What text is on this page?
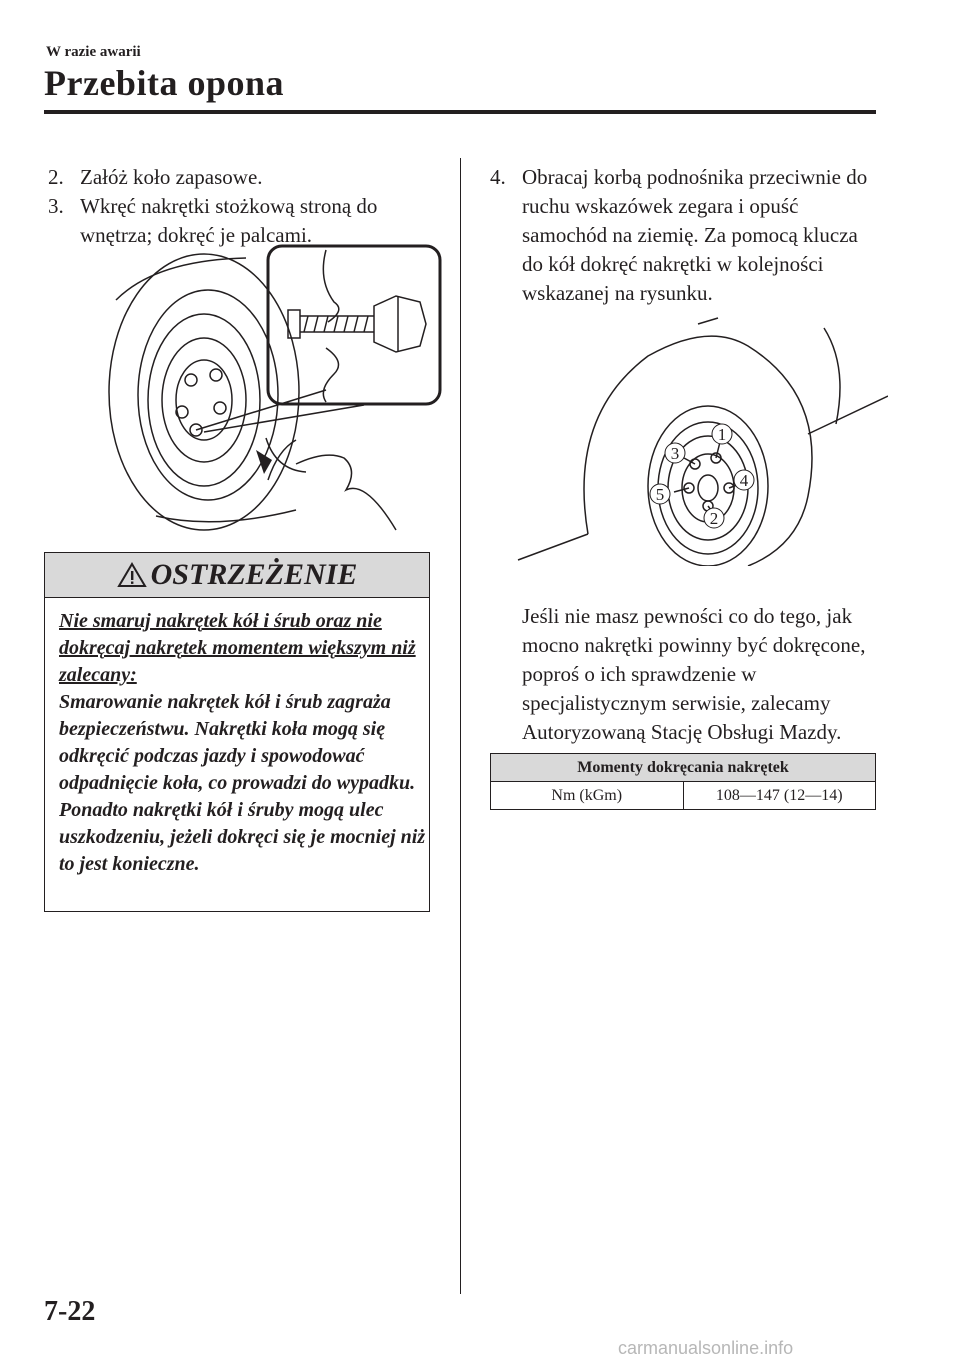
W razie awarii
Przebita opona
2. Załóż koło zapasowe.
3. Wkręć nakrętki stożkową stroną do wnętrza; dokręć je palcami.
OSTRZEŻENIE
Nie smaruj nakrętek kół i śrub oraz nie dokręcaj nakrętek momentem większym niż zalecany:
Smarowanie nakrętek kół i śrub zagraża bezpieczeństwu. Nakrętki koła mogą się odkręcić podczas jazdy i spowodować odpadnięcie koła, co prowadzi do wypadku. Ponadto nakrętki kół i śruby mogą ulec uszkodzeniu, jeżeli dokręci się je mocniej niż to jest konieczne.
4. Obracaj korbą podnośnika przeciwnie do ruchu wskazówek zegara i opuść samochód na ziemię. Za pomocą klucza do kół dokręć nakrętki w kolejności wskazanej na rysunku.
1
2
3
4
5
Jeśli nie masz pewności co do tego, jak mocno nakrętki powinny być dokręcone, poproś o ich sprawdzenie w specjalistycznym serwisie, zalecamy Autoryzowaną Stację Obsługi Mazdy.
Momenty dokręcania nakrętek
Nm (kGm)	108—147 (12—14)
7-22
carmanualsonline.info
